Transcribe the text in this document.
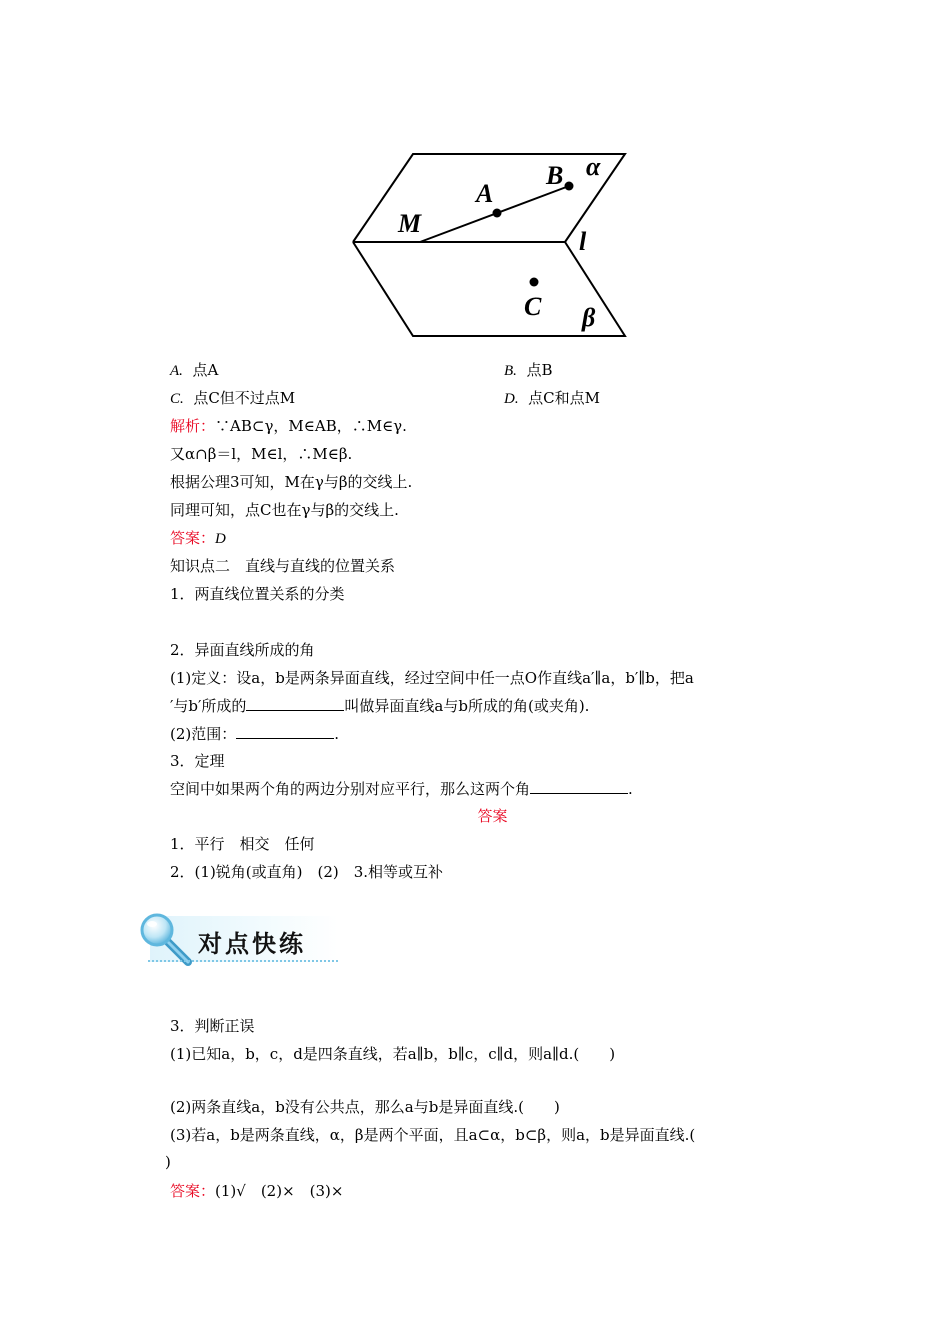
α
B
A
M
l
C β
A. 点A	B. 点B
C. 点C但不过点M	D. 点C和点M
解析：∵AB⊂γ，M∈AB，∴M∈γ.
又α∩β＝l，M∈l，∴M∈β.
根据公理3可知，M在γ与β的交线上.
同理可知，点C也在γ与β的交线上.
答案：D
知识点二　直线与直线的位置关系
1．两直线位置关系的分类
2．异面直线所成的角
(1)定义：设a，b是两条异面直线，经过空间中任一点O作直线a′∥a，b′∥b，把a
′与b′所成的	叫做异面直线a与b所成的角(或夹角).
(2)范围：	.
3．定理
空间中如果两个角的两边分别对应平行，那么这两个角	.
答案
1．平行　相交　任何
2．(1)锐角(或直角)　(2)　3.相等或互补
对点快练
3．判断正误
(1)已知a，b，c，d是四条直线，若a∥b，b∥c，c∥d，则a∥d.(　　)
(2)两条直线a，b没有公共点，那么a与b是异面直线.(　　)
(3)若a，b是两条直线，α，β是两个平面，且a⊂α，b⊂β，则a，b是异面直线.(
)
答案：(1)√　(2)×　(3)×
